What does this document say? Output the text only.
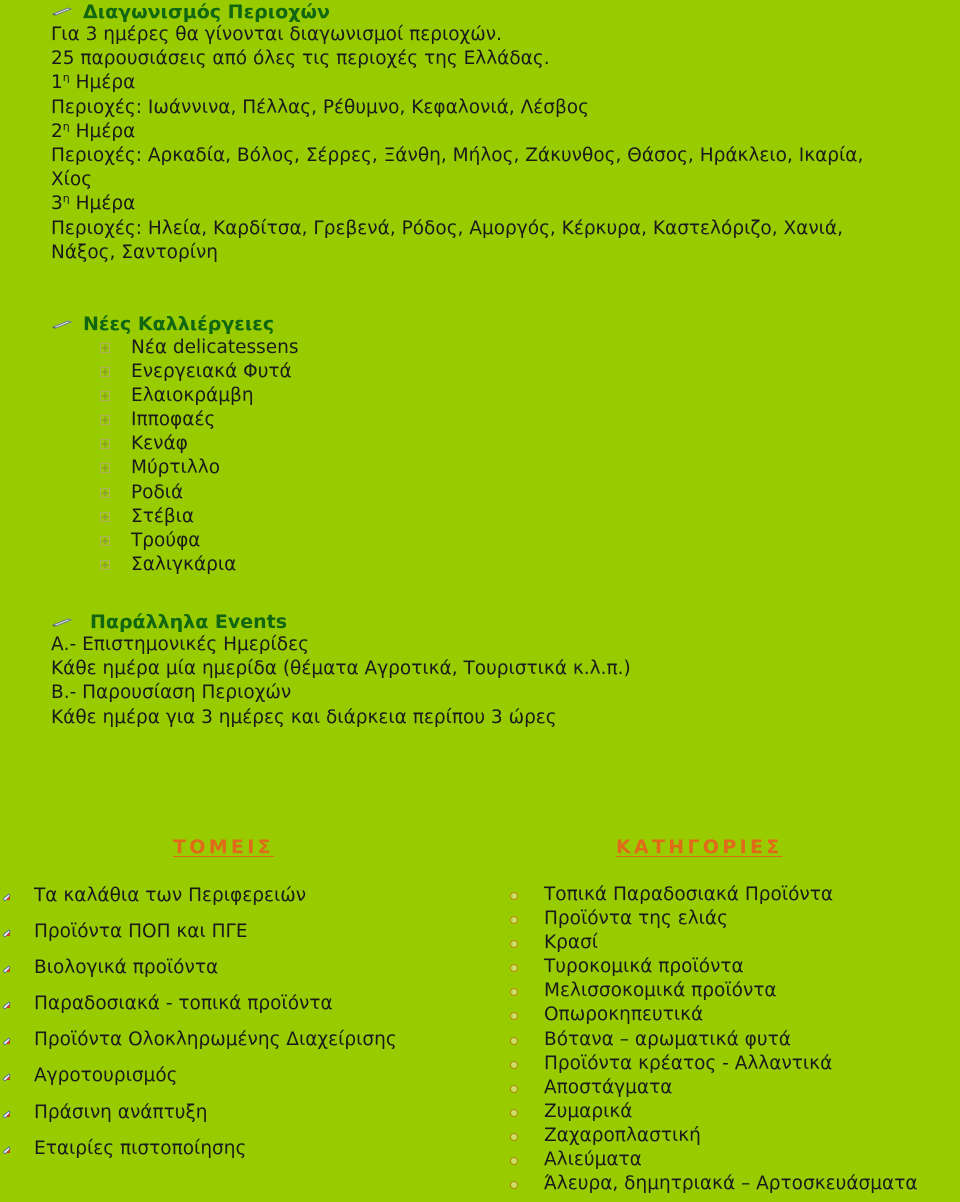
Διαγωνισμός Περιοχών
Για 3 ημέρες θα γίνονται διαγωνισμοί περιοχών.
25 παρουσιάσεις από όλες τις περιοχές της Ελλάδας.
$1^\eta$ Ημέρα
Περιοχές: Ιωάννινα, Πέλλας, Ρέθυμνο, Κεφαλονιά, Λέσβος
$2^\eta$ Ημέρα
Περιοχές: Αρκαδία, Βόλος, Σέρρες, Ξάνθη, Μήλος, Ζάκυνθος, Θάσος, Ηράκλειο, Ικαρία,
Χίος
$3^\eta$ Ημέρα
Περιοχές: Ηλεία, Καρδίτσα, Γρεβενά, Ρόδος, Αμοργός, Κέρκυρα, Καστελόριζο, Χανιά,
Νάξος, Σαντορίνη
Νέες Καλλιέργειες
Νέα delicatessens
Ενεργειακά Φυτά
Ελαιοκράμβη
Ιπποφαές
Κενάφ
Μύρτιλλο
Ροδιά
Στέβια
Τρούφα
Σαλιγκάρια
Παράλληλα Events
Α.- Επιστημονικές Ημερίδες
Κάθε ημέρα μία ημερίδα (θέματα Αγροτικά, Τουριστικά κ.λ.π.)
Β.- Παρουσίαση Περιοχών
Κάθε ημέρα για 3 ημέρες και διάρκεια περίπου 3 ώρες
ΤΟΜΕΙΣ	ΚΑΤΗΓΟΡΙΕΣ
Τα καλάθια των Περιφερειών
Προϊόντα ΠΟΠ και ΠΓΕ
Βιολογικά προϊόντα
Παραδοσιακά - τοπικά προϊόντα
Προϊόντα Ολοκληρωμένης Διαχείρισης
Αγροτουρισμός
Πράσινη ανάπτυξη
Εταιρίες πιστοποίησης
Τοπικά Παραδοσιακά Προϊόντα
Προϊόντα της ελιάς
Κρασί
Τυροκομικά προϊόντα
Μελισσοκομικά προϊόντα
Οπωροκηπευτικά
Βότανα – αρωματικά φυτά
Προϊόντα κρέατος - Αλλαντικά
Αποστάγματα
Ζυμαρικά
Ζαχαροπλαστική
Αλιεύματα
Άλευρα, δημητριακά – Αρτοσκευάσματα
